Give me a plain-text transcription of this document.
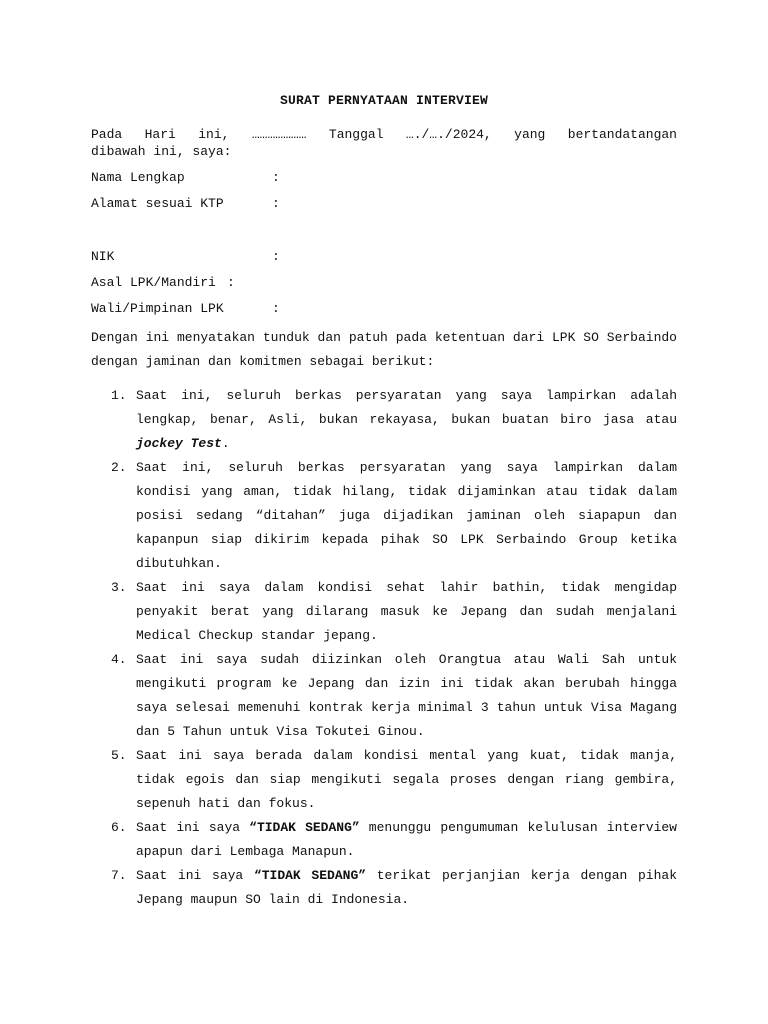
SURAT PERNYATAAN INTERVIEW
Pada Hari ini, ………………… Tanggal …./…./2024, yang bertandatangan
dibawah ini, saya:
Nama Lengkap	:
Alamat sesuai KTP	:
NIK	:
Asal LPK/Mandiri :
Wali/Pimpinan LPK	:
Dengan ini menyatakan tunduk dan patuh pada ketentuan dari LPK SO Serbaindo dengan jaminan dan komitmen sebagai berikut:
1. Saat ini, seluruh berkas persyaratan yang saya lampirkan adalah lengkap, benar, Asli, bukan rekayasa, bukan buatan biro jasa atau jockey Test.
2. Saat ini, seluruh berkas persyaratan yang saya lampirkan dalam kondisi yang aman, tidak hilang, tidak dijaminkan atau tidak dalam posisi sedang “ditahan” juga dijadikan jaminan oleh siapapun dan kapanpun siap dikirim kepada pihak SO LPK Serbaindo Group ketika dibutuhkan.
3. Saat ini saya dalam kondisi sehat lahir bathin, tidak mengidap penyakit berat yang dilarang masuk ke Jepang dan sudah menjalani Medical Checkup standar jepang.
4. Saat ini saya sudah diizinkan oleh Orangtua atau Wali Sah untuk mengikuti program ke Jepang dan izin ini tidak akan berubah hingga saya selesai memenuhi kontrak kerja minimal 3 tahun untuk Visa Magang dan 5 Tahun untuk Visa Tokutei Ginou.
5. Saat ini saya berada dalam kondisi mental yang kuat, tidak manja, tidak egois dan siap mengikuti segala proses dengan riang gembira, sepenuh hati dan fokus.
6. Saat ini saya “TIDAK SEDANG” menunggu pengumuman kelulusan interview apapun dari Lembaga Manapun.
7. Saat ini saya “TIDAK SEDANG” terikat perjanjian kerja dengan pihak Jepang maupun SO lain di Indonesia.
